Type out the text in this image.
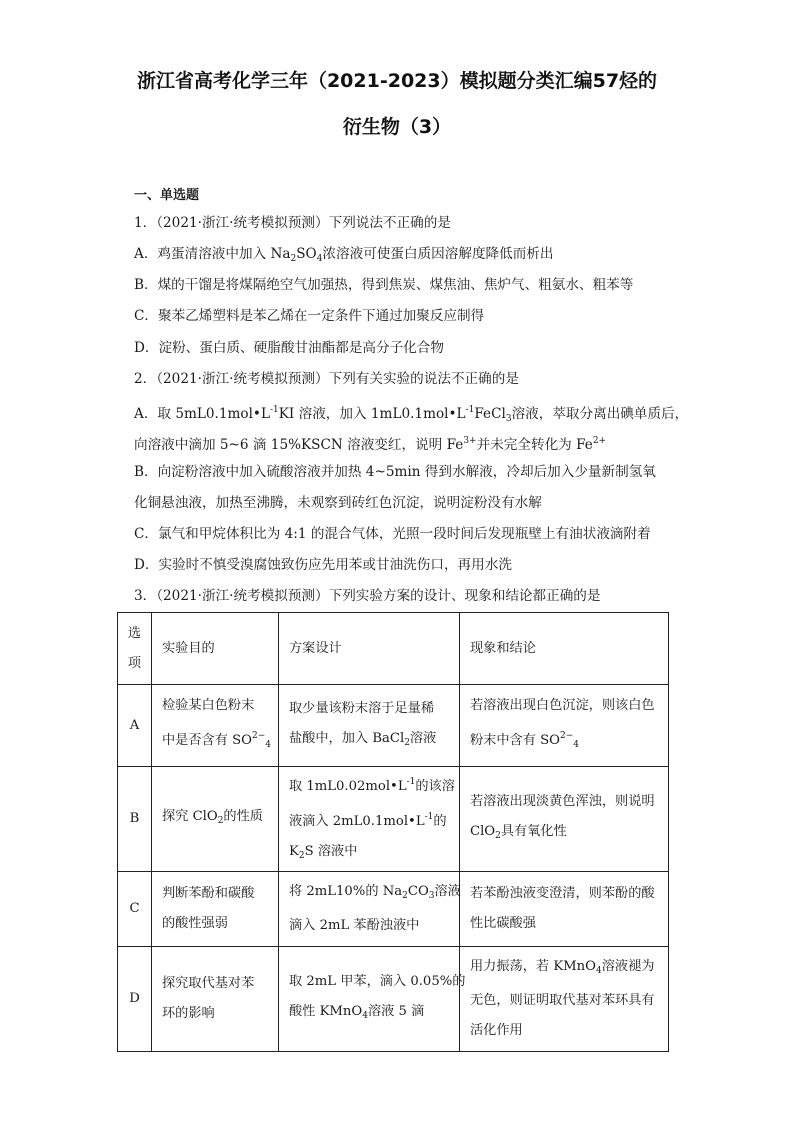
浙江省高考化学三年（2021-2023）模拟题分类汇编57烃的
衍生物（3）
一、单选题
1．（2021·浙江·统考模拟预测）下列说法不正确的是
A．鸡蛋清溶液中加入 $Na_2SO_4$浓溶液可使蛋白质因溶解度降低而析出
B．煤的干馏是将煤隔绝空气加强热，得到焦炭、煤焦油、焦炉气、粗氨水、粗苯等
C．聚苯乙烯塑料是苯乙烯在一定条件下通过加聚反应制得
D．淀粉、蛋白质、硬脂酸甘油酯都是高分子化合物
2．（2021·浙江·统考模拟预测）下列有关实验的说法不正确的是
A．取 $5mL0.1mol•L^{-1}KI$ 溶液，加入 $1mL0.1mol•L^{-1}FeCl_3$溶液，萃取分离出碘单质后，
向溶液中滴加 5~6 滴 15%KSCN 溶液变红，说明 $Fe^{3+}$并未完全转化为 $Fe^{2+}$
B．向淀粉溶液中加入硫酸溶液并加热 4~5min 得到水解液，冷却后加入少量新制氢氧
化铜悬浊液，加热至沸腾，未观察到砖红色沉淀，说明淀粉没有水解
C．氯气和甲烷体积比为 4:1 的混合气体，光照一段时间后发现瓶壁上有油状液滴附着
D．实验时不慎受溴腐蚀致伤应先用苯或甘油洗伤口，再用水洗
3．（2021·浙江·统考模拟预测）下列实验方案的设计、现象和结论都正确的是
选
项	实验目的	方案设计	现象和结论
A	检验某白色粉末
中是否含有 $SO^{2-}_4$	取少量该粉末溶于足量稀
盐酸中，加入 BaCl$_2$溶液	若溶液出现白色沉淀，则该白色
粉末中含有 $SO^{2-}_4$

B	探究 ClO$_2$的性质	取 $1mL0.02mol•L^{-1}$的该溶
液滴入 $2mL0.1mol•L^{-1}$的
$K_2S$ 溶液中	若溶液出现淡黄色浑浊，则说明
ClO$_2$具有氧化性

C	判断苯酚和碳酸
的酸性强弱	将 2mL10%的 $Na_2CO_3$溶液
滴入 2mL 苯酚浊液中	若苯酚浊液变澄清，则苯酚的酸
性比碳酸强

D	探究取代基对苯
环的影响	取 2mL 甲苯，滴入 0.05%的
酸性 KMnO$_4$溶液 5 滴	用力振荡，若 KMnO$_4$溶液褪为
无色，则证明取代基对苯环具有
活化作用
